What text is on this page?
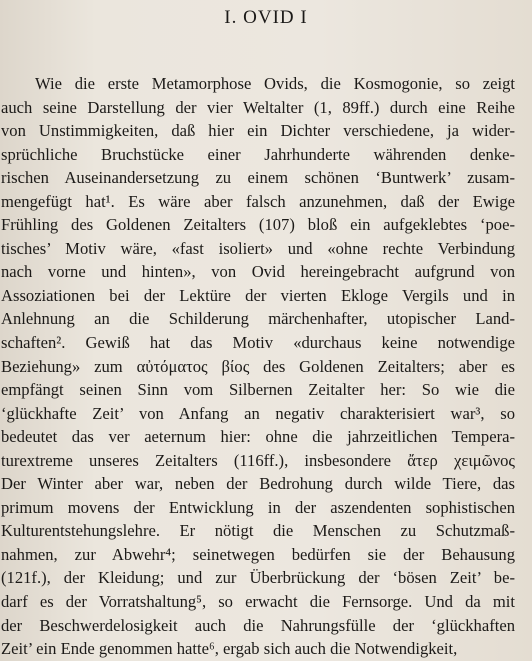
I. OVID I
Wie die erste Metamorphose Ovids, die Kosmogonie, so zeigt
auch seine Darstellung der vier Weltalter (1, 89ff.) durch eine Reihe
von Unstimmigkeiten, daß hier ein Dichter verschiedene, ja wider-
sprüchliche Bruchstücke einer Jahrhunderte währenden denke-
rischen Auseinandersetzung zu einem schönen ‘Buntwerk’ zusam-
mengefügt hat¹. Es wäre aber falsch anzunehmen, daß der Ewige
Frühling des Goldenen Zeitalters (107) bloß ein aufgeklebtes ‘poe-
tisches’ Motiv wäre, «fast isoliert» und «ohne rechte Verbindung
nach vorne und hinten», von Ovid hereingebracht aufgrund von
Assoziationen bei der Lektüre der vierten Ekloge Vergils und in
Anlehnung an die Schilderung märchenhafter, utopischer Land-
schaften². Gewiß hat das Motiv «durchaus keine notwendige
Beziehung» zum αὐτόματος βίος des Goldenen Zeitalters; aber es
empfängt seinen Sinn vom Silbernen Zeitalter her: So wie die
‘glückhafte Zeit’ von Anfang an negativ charakterisiert war³, so
bedeutet das ver aeternum hier: ohne die jahrzeitlichen Tempera-
turextreme unseres Zeitalters (116ff.), insbesondere ἄτερ χειμῶνος
Der Winter aber war, neben der Bedrohung durch wilde Tiere, das
primum movens der Entwicklung in der aszendenten sophistischen
Kulturentstehungslehre. Er nötigt die Menschen zu Schutzmaß-
nahmen, zur Abwehr⁴; seinetwegen bedürfen sie der Behausung
(121f.), der Kleidung; und zur Überbrückung der ‘bösen Zeit’ be-
darf es der Vorratshaltung⁵, so erwacht die Fernsorge. Und da mit
der Beschwerdelosigkeit auch die Nahrungsfülle der ‘glückhaften
Zeit’ ein Ende genommen hatte⁶, ergab sich auch die Notwendigkeit,
